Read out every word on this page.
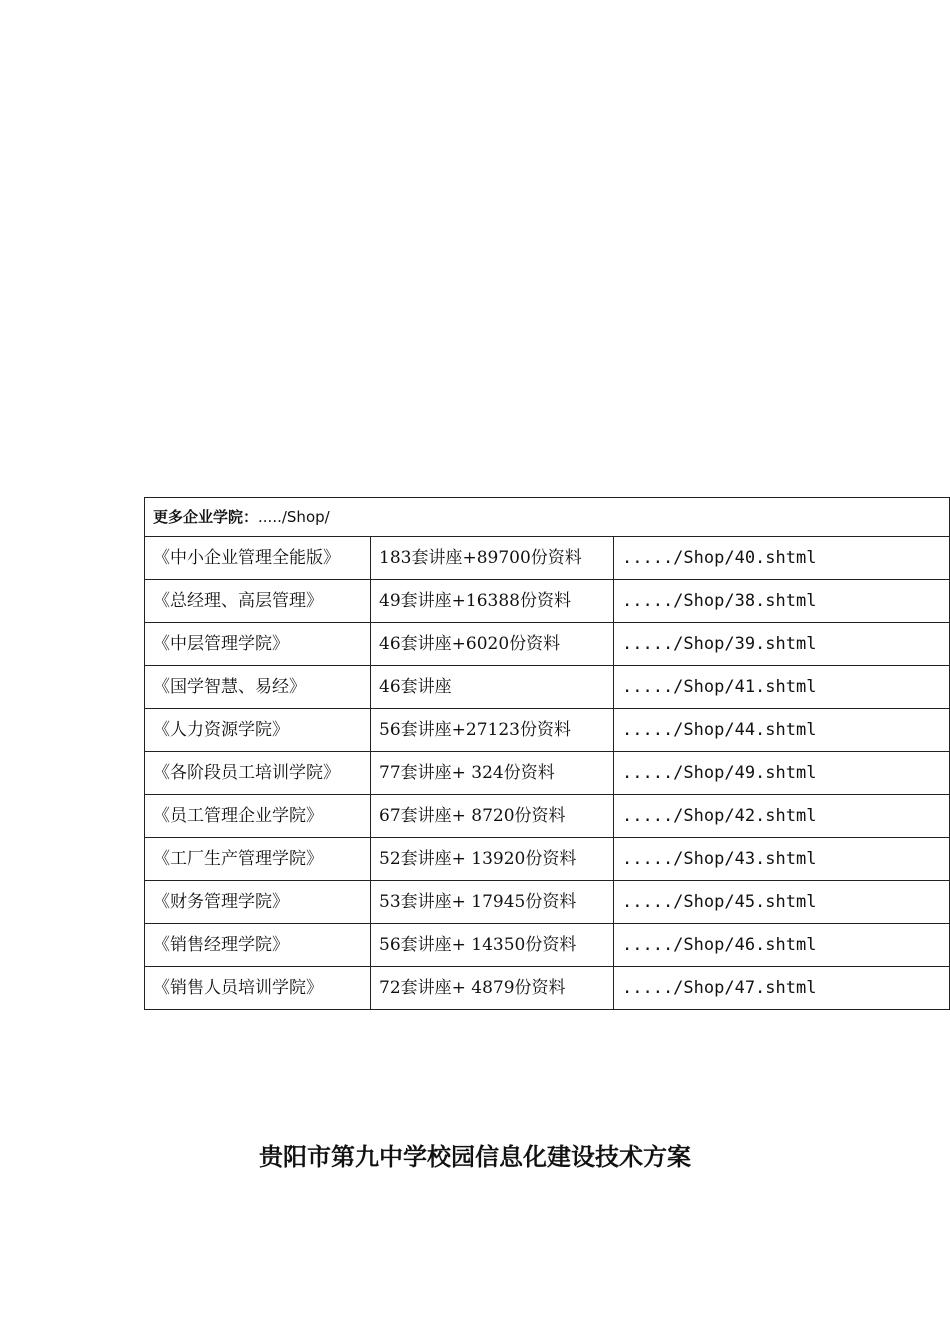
更多企业学院：...../Shop/		
《中小企业管理全能版》	183套讲座+89700份资料	...../Shop/40.shtml
《总经理、高层管理》	49套讲座+16388份资料	...../Shop/38.shtml
《中层管理学院》	46套讲座+6020份资料	...../Shop/39.shtml
《国学智慧、易经》	46套讲座	...../Shop/41.shtml
《人力资源学院》	56套讲座+27123份资料	...../Shop/44.shtml
《各阶段员工培训学院》	77套讲座+ 324份资料	...../Shop/49.shtml
《员工管理企业学院》	67套讲座+ 8720份资料	...../Shop/42.shtml
《工厂生产管理学院》	52套讲座+ 13920份资料	...../Shop/43.shtml
《财务管理学院》	53套讲座+ 17945份资料	...../Shop/45.shtml
《销售经理学院》	56套讲座+ 14350份资料	...../Shop/46.shtml
《销售人员培训学院》	72套讲座+ 4879份资料	...../Shop/47.shtml
贵阳市第九中学校园信息化建设技术方案
